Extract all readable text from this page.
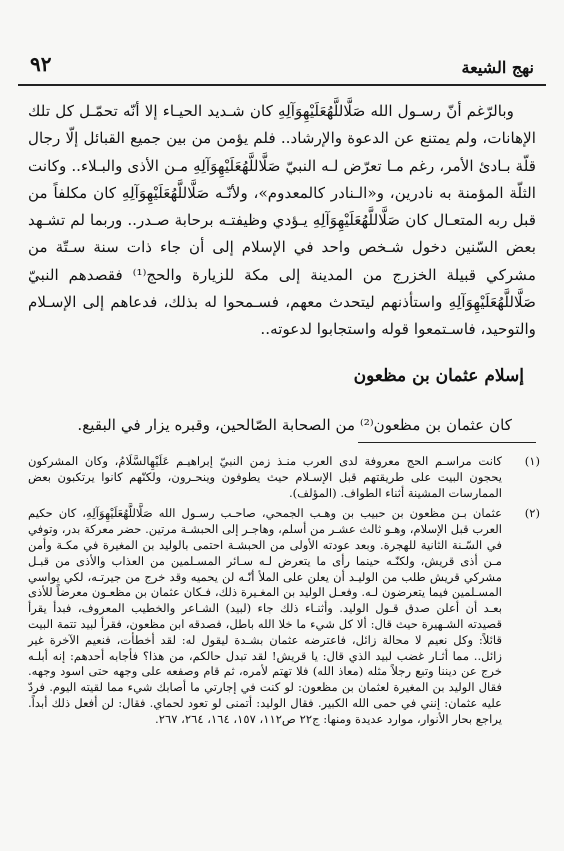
٩٢	نهج الشيعة

وبالرّغم أنّ رسـول الله صَلَّاللَّهُعَلَيْهِوَآلِهِ كان شـديد الحيـاء إلا أنّه تحمّـل كل تلك الإهانات، ولم يمتنع عن الدعوة والإرشاد.. فلم يؤمن من بين جميع القبائل إلّا رجال قلّة بـادئ الأمر، رغم مـا تعرّض لـه النبيّ صَلَّاللَّهُعَلَيْهِوَآلِهِ مـن الأذى والبـلاء.. وكانت الثلّة المؤمنة به نادرين، و«الـنادر كالمعدوم»، ولأنّـه صَلَّاللَّهُعَلَيْهِوَآلِهِ كان مكلفاً من قبل ربه المتعـال كان صَلَّاللَّهُعَلَيْهِوَآلِهِ يـؤدي وظيفتـه برحابة صـدر.. وربما لم تشـهد بعض السّنين دخول شـخص واحد في الإسلام إلى أن جاء ذات سنة سـتّة من مشركي قبيلة الخزرج من المدينة إلى مكة للزيارة والحج⁽¹⁾ فقصدهم النبيّ صَلَّاللَّهُعَلَيْهِوَآلِهِ واستأذنهم ليتحدث معهم، فسـمحوا له بذلك، فدعاهم إلى الإسـلام والتوحيد، فاسـتمعوا قوله واستجابوا لدعوته..

إسلام عثمان بن مظعون

كان عثمان بن مظعون⁽²⁾ من الصحابة الصّالحين، وقبره يزار في البقيع.

(١)
كانت مراسـم الحج معروفة لدى العرب منـذ زمن النبيّ إبراهيـم عَلَيْهِالسَّلَامُ، وكان المشركون يحجون البيت على طريقتهم قبل الإسـلام حيث يطوفون وينحـرون، ولكنّهم كانوا يرتكبون بعض الممارسات المشينة أثناء الطواف. (المؤلف).
(٢)
عثمان بـن مظعون بن حبيب بن وهـب الجمحي، صاحـب رسـول الله صَلَّاللَّهُعَلَيْهِوَآلِهِ، كان حكيم العرب قبل الإسلام، وهـو ثالث عشـر من أسلم، وهاجـر إلى الحبشـة مرتين. حضر معركة بدر، وتوفي في السّـنة الثانية للهجرة. وبعد عودته الأولى من الحبشـة احتمى بالوليد بن المغيرة في مكـة وأمن مـن أذى قريش، ولكنّـه حينما رأى ما يتعرض لـه سـائر المسـلمين من العذاب والأذى من قبـل مشركي قريش طلب من الوليـد أن يعلن على الملأ أنّـه لن يحميه وقد خرج من جيرتـه، لكي يواسي المسـلمين فيما يتعرضون لـه. وفعـل الوليد بن المغـيرة ذلك، فـكان عثمان بن مظعـون معرضاً للأذى بعـد أن أعلن صدق قـول الوليد. وأثنـاء ذلك جاء (لبيد) الشـاعر والخطيب المعروف، فبدأ يقرأ قصيدته الشـهيرة حيث قال: ألا كل شيء ما خلا الله باطل، فصدقه ابن مظعون، فقرأ لبيد تتمة البيت قائلاً: وكل نعيم لا محالة زائل، فاعترضه عثمان بشـدة ليقول له: لقد أخطأت، فنعيم الآخرة غير زائل.. مما أثـار غضب لبيد الذي قال: يا قريش! لقد تبدل حالكم، من هذا؟ فأجابه أحدهم: إنه أبلـه خرج عن ديننا وتبع رجلاً مثله (معاذ الله) فلا تهتم لأمره، ثم قام وصفعه على وجهه حتى اسود وجهه. فقال الوليد بن المغيرة لعثمان بن مظعون: لو كنت في إجارتي ما أصابك شيء مما لقيته اليوم. فردّ عليه عثمان: إنني في حمى الله الكبير. فقال الوليد: أتمنى لو تعود لحماي. فقال: لن أفعل ذلك أبداً. يراجع بحار الأنوار، موارد عديدة ومنها: ج٢٢ ص١١٢، ١٥٧، ١٦٤، ٢٦٤، ٢٦٧.
